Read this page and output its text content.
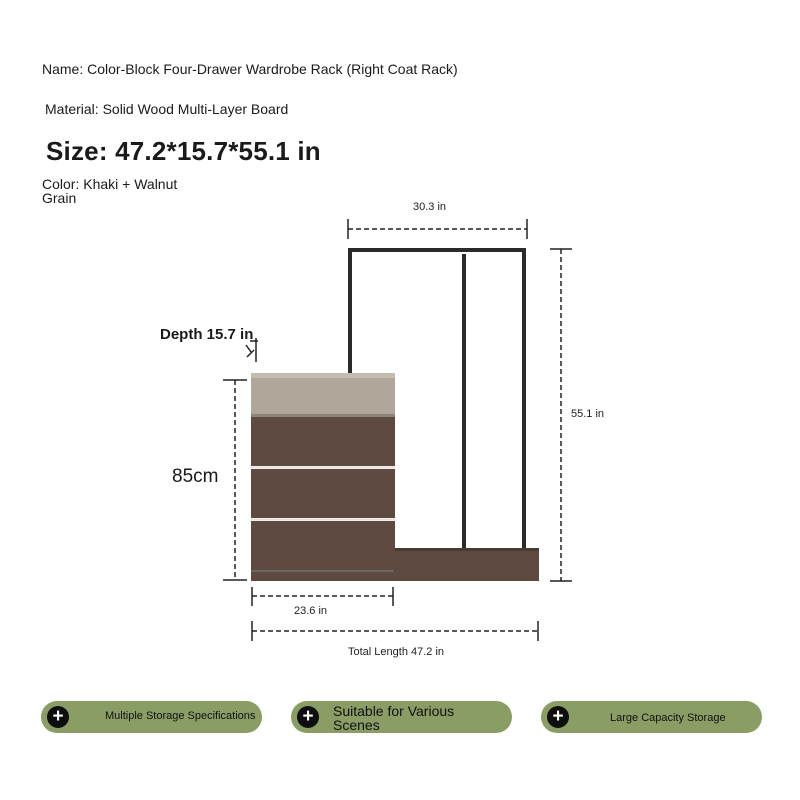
Name: Color-Block Four-Drawer Wardrobe Rack (Right Coat Rack)
Material: Solid Wood Multi-Layer Board
Size: 47.2*15.7*55.1 in
Color: Khaki + Walnut Grain
30.3 in
Depth 15.7 in
85cm
55.1 in
23.6 in
Total Length 47.2 in
+	Multiple Storage Specifications +	Suitable for Various Scenes	+	Large Capacity Storage
